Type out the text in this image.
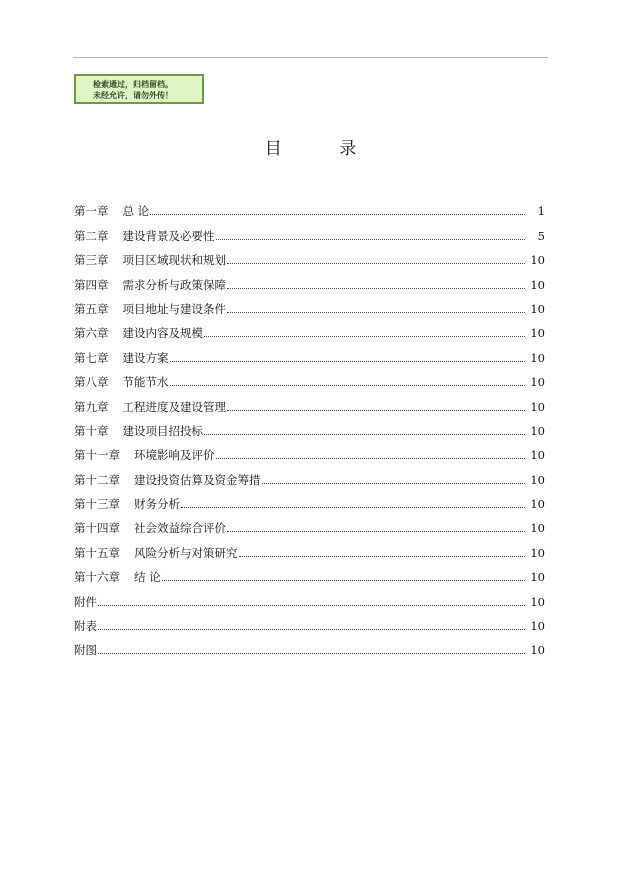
检索通过，归档留档。
未经允许，请勿外传！
目 录
第一章 总 论	1
第二章 建设背景及必要性	5
第三章 项目区域现状和规划	10
第四章 需求分析与政策保障	10
第五章 项目地址与建设条件	10
第六章 建设内容及规模	10
第七章 建设方案	10
第八章 节能节水	10
第九章 工程进度及建设管理	10
第十章 建设项目招投标	10
第十一章 环境影响及评价	10
第十二章 建设投资估算及资金筹措	10
第十三章 财务分析	10
第十四章 社会效益综合评价	10
第十五章 风险分析与对策研究	10
第十六章 结 论	10
附件	10
附表	10
附图	10
